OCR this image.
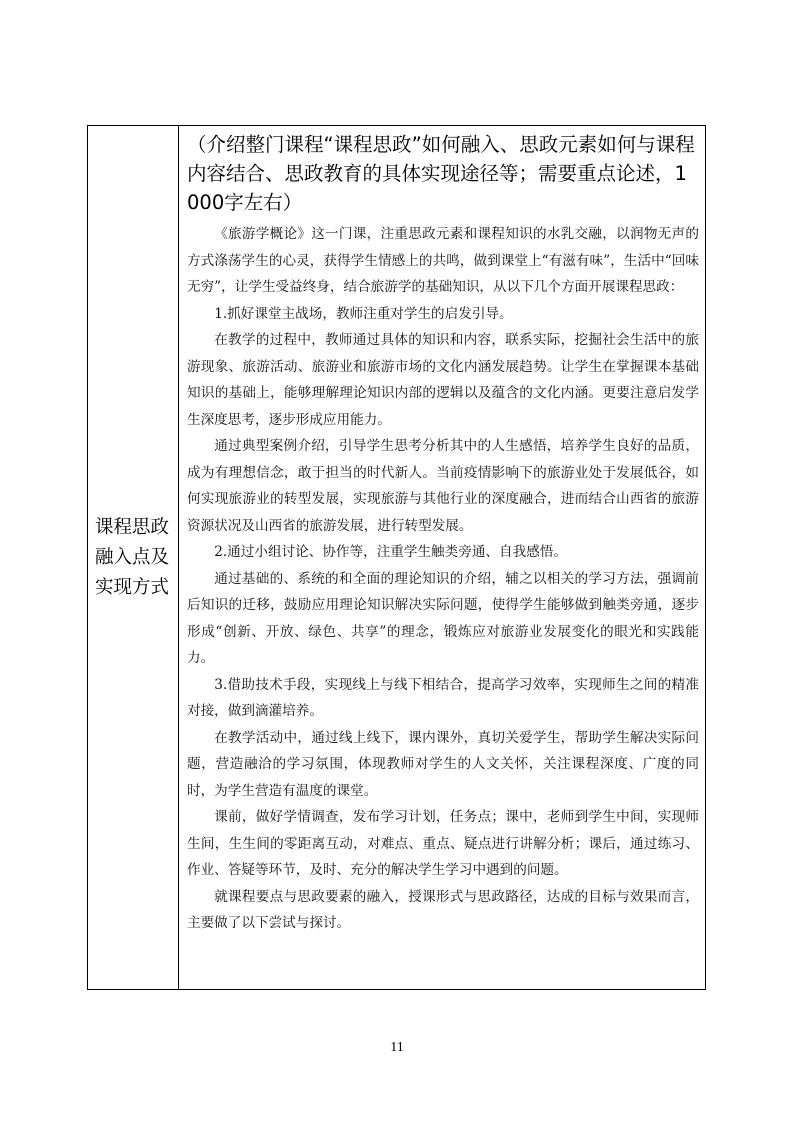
课程思政融入点及实现方式

（介绍整门课程“课程思政”如何融入、思政元素如何与课程内容结合、思政教育的具体实现途径等；需要重点论述，1000字左右）

《旅游学概论》这一门课，注重思政元素和课程知识的水乳交融，以润物无声的方式涤荡学生的心灵，获得学生情感上的共鸣，做到课堂上“有滋有味”，生活中“回味无穷”，让学生受益终身，结合旅游学的基础知识，从以下几个方面开展课程思政：

1.抓好课堂主战场，教师注重对学生的启发引导。

在教学的过程中，教师通过具体的知识和内容，联系实际，挖掘社会生活中的旅游现象、旅游活动、旅游业和旅游市场的文化内涵发展趋势。让学生在掌握课本基础知识的基础上，能够理解理论知识内部的逻辑以及蕴含的文化内涵。更要注意启发学生深度思考，逐步形成应用能力。

通过典型案例介绍，引导学生思考分析其中的人生感悟，培养学生良好的品质，成为有理想信念，敢于担当的时代新人。当前疫情影响下的旅游业处于发展低谷，如何实现旅游业的转型发展，实现旅游与其他行业的深度融合，进而结合山西省的旅游资源状况及山西省的旅游发展，进行转型发展。

2.通过小组讨论、协作等，注重学生触类旁通、自我感悟。

通过基础的、系统的和全面的理论知识的介绍，辅之以相关的学习方法，强调前后知识的迁移，鼓励应用理论知识解决实际问题，使得学生能够做到触类旁通，逐步形成“创新、开放、绿色、共享”的理念，锻炼应对旅游业发展变化的眼光和实践能力。

3.借助技术手段，实现线上与线下相结合，提高学习效率，实现师生之间的精准对接，做到滴灌培养。

在教学活动中，通过线上线下，课内课外，真切关爱学生，帮助学生解决实际问题，营造融洽的学习氛围，体现教师对学生的人文关怀，关注课程深度、广度的同时，为学生营造有温度的课堂。

课前，做好学情调查，发布学习计划，任务点；课中，老师到学生中间，实现师生间，生生间的零距离互动，对难点、重点、疑点进行讲解分析；课后，通过练习、作业、答疑等环节，及时、充分的解决学生学习中遇到的问题。

就课程要点与思政要素的融入，授课形式与思政路径，达成的目标与效果而言，主要做了以下尝试与探讨。

11
